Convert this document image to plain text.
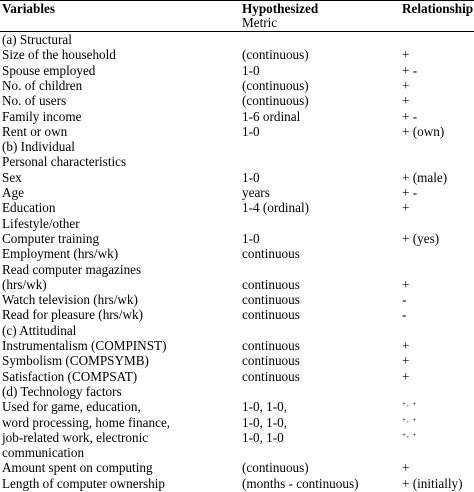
Variables	Hypothesized	Relationship
Metric
(a) Structural
Size of the household	(continuous)	+
Spouse employed	1-0	+ -
No. of children	(continuous)	+
No. of users	(continuous)	+
Family income	1-6 ordinal	+ -
Rent or own	1-0	+ (own)
(b) Individual
Personal characteristics
Sex	1-0	+ (male)
Age	years	+ -
Education	1-4 (ordinal)	+
Lifestyle/other
Computer training	1-0	+ (yes)
Employment (hrs/wk)	continuous
Read computer magazines
(hrs/wk)	continuous	+
Watch television (hrs/wk)	continuous	-
Read for pleasure (hrs/wk)	continuous	-
(c) Attitudinal
Instrumentalism (COMPINST)	continuous	+
Symbolism (COMPSYMB)	continuous	+
Satisfaction (COMPSAT)	continuous	+
(d) Technology factors
Used for game, education,	1-0, 1-0,	+, +
word processing, home finance,	1-0, 1-0,	+, +
job-related work, electronic	1-0, 1-0	+, +
communication
Amount spent on computing	(continuous)	+
Length of computer ownership	(months - continuous)	+ (initially)
